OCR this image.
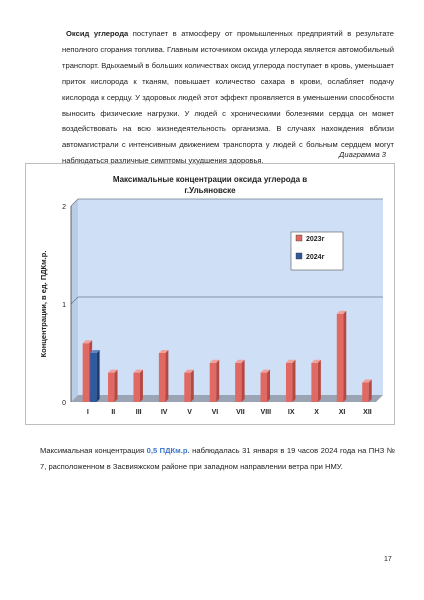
Оксид углерода поступает в атмосферу от промышленных предприятий в результате неполного сгорания топлива. Главным источником оксида углерода является автомобильный транспорт. Вдыхаемый в больших количествах оксид углерода поступает в кровь, уменьшает приток кислорода к тканям, повышает количество сахара в крови, ослабляет подачу кислорода к сердцу. У здоровых людей этот эффект проявляется в уменьшении способности выносить физические нагрузки. У людей с хроническими болезнями сердца он может воздействовать на всю жизнедеятельность организма. В случаях нахождения вблизи автомагистрали с интенсивным движением транспорта у людей с больным сердцем могут наблюдаться различные симптомы ухудшения здоровья.
Диаграмма 3
Максимальные концентрации оксида углерода в
г.Ульяновске
0
1
2
Концентрации, в ед. ПДКм.р.
I	II	III	IV	V	VI	VII VIII IX	X	XI	XII
2023г
2024г
Максимальная концентрация 0,5 ПДКм.р. наблюдалась 31 января в 19 часов 2024 года на ПНЗ № 7, расположенном в Засвияжском районе при западном направлении ветра при НМУ.
17
